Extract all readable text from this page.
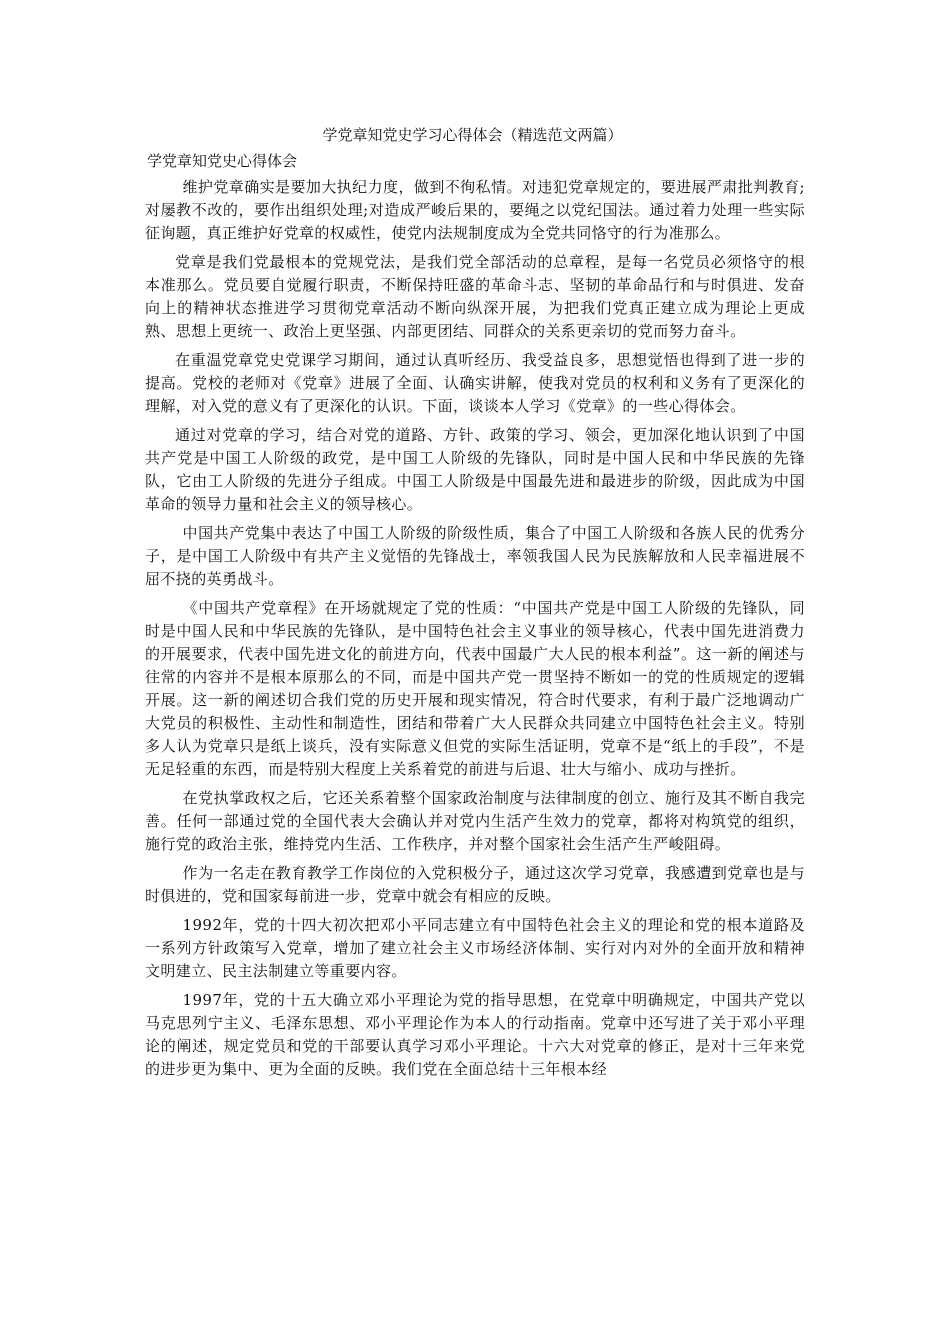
学党章知党史学习心得体会（精选范文两篇）
学党章知党史心得体会

维护党章确实是要加大执纪力度，做到不徇私情。对违犯党章规定的，要进展严肃批判教育;对屡教不改的，要作出组织处理;对造成严峻后果的，要绳之以党纪国法。通过着力处理一些实际征询题，真正维护好党章的权威性，使党内法规制度成为全党共同恪守的行为准那么。

党章是我们党最根本的党规党法，是我们党全部活动的总章程，是每一名党员必须恪守的根本准那么。党员要自觉履行职责，不断保持旺盛的革命斗志、坚韧的革命品行和与时俱进、发奋向上的精神状态推进学习贯彻党章活动不断向纵深开展，为把我们党真正建立成为理论上更成熟、思想上更统一、政治上更坚强、内部更团结、同群众的关系更亲切的党而努力奋斗。

在重温党章党史党课学习期间，通过认真听经历、我受益良多，思想觉悟也得到了进一步的提高。党校的老师对《党章》进展了全面、认确实讲解，使我对党员的权利和义务有了更深化的理解，对入党的意义有了更深化的认识。下面，谈谈本人学习《党章》的一些心得体会。

通过对党章的学习，结合对党的道路、方针、政策的学习、领会，更加深化地认识到了中国共产党是中国工人阶级的政党，是中国工人阶级的先锋队，同时是中国人民和中华民族的先锋队，它由工人阶级的先进分子组成。中国工人阶级是中国最先进和最进步的阶级，因此成为中国革命的领导力量和社会主义的领导核心。

中国共产党集中表达了中国工人阶级的阶级性质，集合了中国工人阶级和各族人民的优秀分子，是中国工人阶级中有共产主义觉悟的先锋战士，率领我国人民为民族解放和人民幸福进展不屈不挠的英勇战斗。

《中国共产党章程》在开场就规定了党的性质：“中国共产党是中国工人阶级的先锋队，同时是中国人民和中华民族的先锋队，是中国特色社会主义事业的领导核心，代表中国先进消费力的开展要求，代表中国先进文化的前进方向，代表中国最广大人民的根本利益”。这一新的阐述与往常的内容并不是根本原那么的不同，而是中国共产党一贯坚持不断如一的党的性质规定的逻辑开展。这一新的阐述切合我们党的历史开展和现实情况，符合时代要求，有利于最广泛地调动广大党员的积极性、主动性和制造性，团结和带着广大人民群众共同建立中国特色社会主义。特别多人认为党章只是纸上谈兵，没有实际意义但党的实际生活证明，党章不是“纸上的手段”，不是无足轻重的东西，而是特别大程度上关系着党的前进与后退、壮大与缩小、成功与挫折。

在党执掌政权之后，它还关系着整个国家政治制度与法律制度的创立、施行及其不断自我完善。任何一部通过党的全国代表大会确认并对党内生活产生效力的党章，都将对构筑党的组织，施行党的政治主张，维持党内生活、工作秩序，并对整个国家社会生活产生严峻阻碍。

作为一名走在教育教学工作岗位的入党积极分子，通过这次学习党章，我感遭到党章也是与时俱进的，党和国家每前进一步，党章中就会有相应的反映。

1992年，党的十四大初次把邓小平同志建立有中国特色社会主义的理论和党的根本道路及一系列方针政策写入党章，增加了建立社会主义市场经济体制、实行对内对外的全面开放和精神文明建立、民主法制建立等重要内容。

1997年，党的十五大确立邓小平理论为党的指导思想，在党章中明确规定，中国共产党以马克思列宁主义、毛泽东思想、邓小平理论作为本人的行动指南。党章中还写进了关于邓小平理论的阐述，规定党员和党的干部要认真学习邓小平理论。十六大对党章的修正，是对十三年来党的进步更为集中、更为全面的反映。我们党在全面总结十三年根本经
